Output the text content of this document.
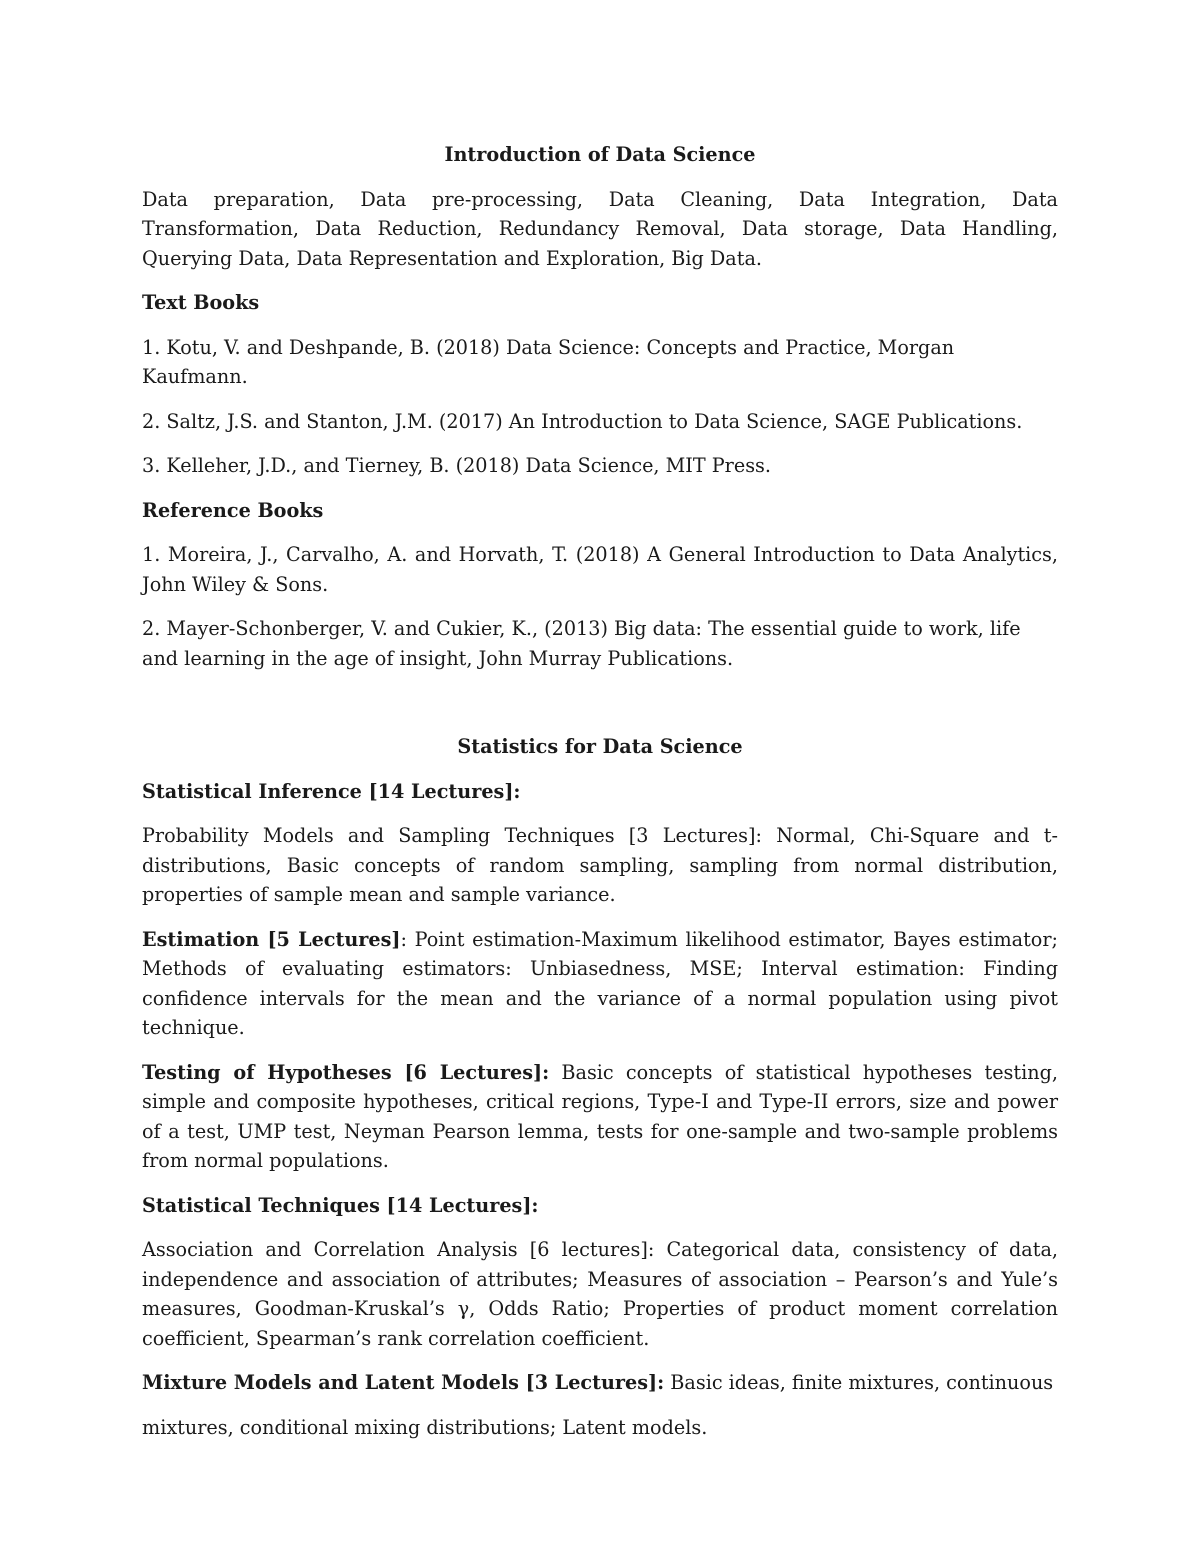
Introduction of Data Science

Data preparation, Data pre-processing, Data Cleaning, Data Integration, Data Transformation, Data Reduction, Redundancy Removal, Data storage, Data Handling, Querying Data, Data Representation and Exploration, Big Data.

Text Books

1. Kotu, V. and Deshpande, B. (2018) Data Science: Concepts and Practice, Morgan Kaufmann.

2. Saltz, J.S. and Stanton, J.M. (2017) An Introduction to Data Science, SAGE Publications.

3. Kelleher, J.D., and Tierney, B. (2018) Data Science, MIT Press.

Reference Books

1. Moreira, J., Carvalho, A. and Horvath, T. (2018) A General Introduction to Data Analytics, John Wiley & Sons.

2. Mayer-Schonberger, V. and Cukier, K., (2013) Big data: The essential guide to work, life and learning in the age of insight, John Murray Publications.

Statistics for Data Science
Statistical Inference [14 Lectures]:

Probability Models and Sampling Techniques [3 Lectures]: Normal, Chi-Square and t-distributions, Basic concepts of random sampling, sampling from normal distribution, properties of sample mean and sample variance.

Estimation [5 Lectures]: Point estimation-Maximum likelihood estimator, Bayes estimator; Methods of evaluating estimators: Unbiasedness, MSE; Interval estimation: Finding confidence intervals for the mean and the variance of a normal population using pivot technique.

Testing of Hypotheses [6 Lectures]: Basic concepts of statistical hypotheses testing, simple and composite hypotheses, critical regions, Type-I and Type-II errors, size and power of a test, UMP test, Neyman Pearson lemma, tests for one-sample and two-sample problems from normal populations.

Statistical Techniques [14 Lectures]:

Association and Correlation Analysis [6 lectures]: Categorical data, consistency of data, independence and association of attributes; Measures of association – Pearson’s and Yule’s measures, Goodman-Kruskal’s γ, Odds Ratio; Properties of product moment correlation coefficient, Spearman’s rank correlation coefficient.

Mixture Models and Latent Models [3 Lectures]: Basic ideas, finite mixtures, continuous

mixtures, conditional mixing distributions; Latent models.
